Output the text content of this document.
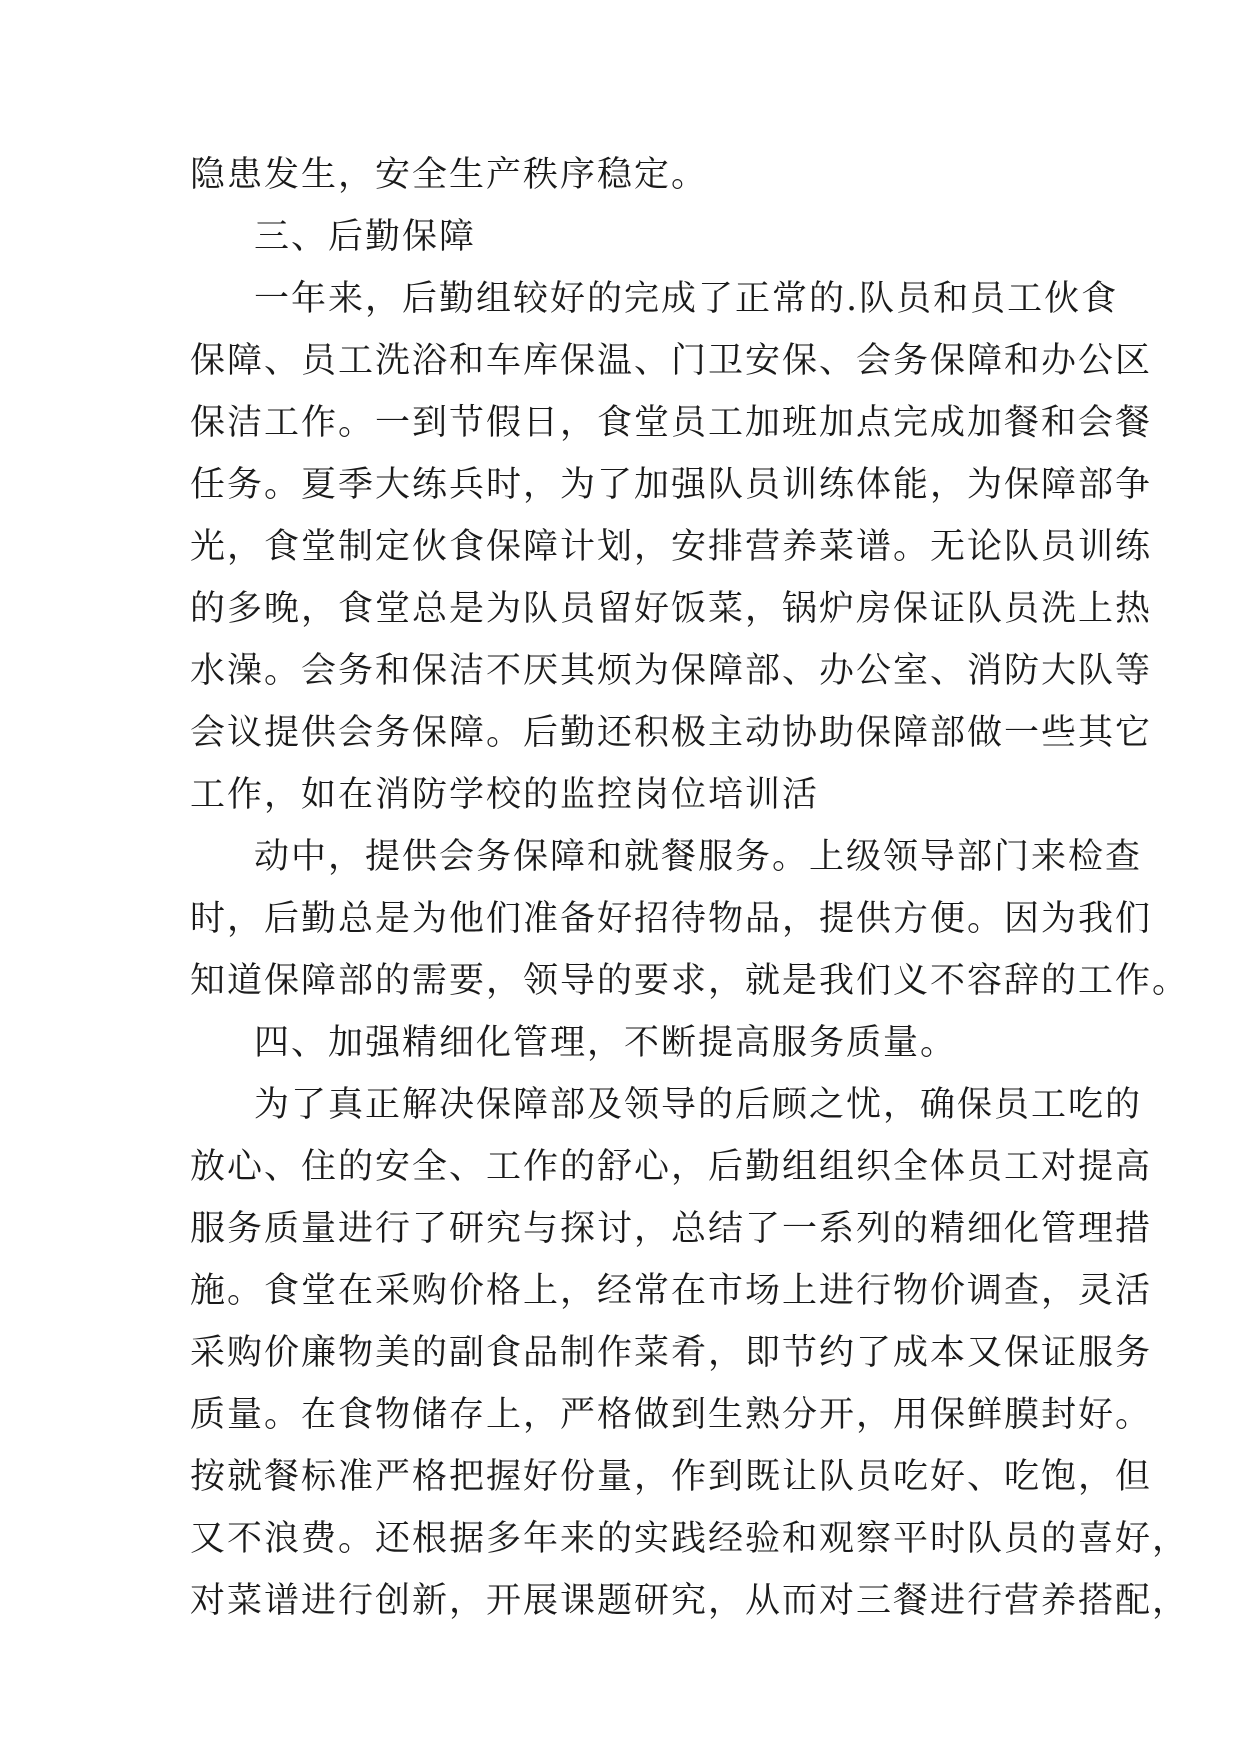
隐患发生，安全生产秩序稳定。
三、后勤保障
一年来，后勤组较好的完成了正常的.队员和员工伙食
保障、员工洗浴和车库保温、门卫安保、会务保障和办公区
保洁工作。一到节假日，食堂员工加班加点完成加餐和会餐
任务。夏季大练兵时，为了加强队员训练体能，为保障部争
光，食堂制定伙食保障计划，安排营养菜谱。无论队员训练
的多晚，食堂总是为队员留好饭菜，锅炉房保证队员洗上热
水澡。会务和保洁不厌其烦为保障部、办公室、消防大队等
会议提供会务保障。后勤还积极主动协助保障部做一些其它
工作，如在消防学校的监控岗位培训活
动中，提供会务保障和就餐服务。上级领导部门来检查
时，后勤总是为他们准备好招待物品，提供方便。因为我们
知道保障部的需要，领导的要求，就是我们义不容辞的工作。
四、加强精细化管理，不断提高服务质量。
为了真正解决保障部及领导的后顾之忧，确保员工吃的
放心、住的安全、工作的舒心，后勤组组织全体员工对提高
服务质量进行了研究与探讨，总结了一系列的精细化管理措
施。食堂在采购价格上，经常在市场上进行物价调查，灵活
采购价廉物美的副食品制作菜肴，即节约了成本又保证服务
质量。在食物储存上，严格做到生熟分开，用保鲜膜封好。
按就餐标准严格把握好份量，作到既让队员吃好、吃饱，但
又不浪费。还根据多年来的实践经验和观察平时队员的喜好，
对菜谱进行创新，开展课题研究，从而对三餐进行营养搭配，
